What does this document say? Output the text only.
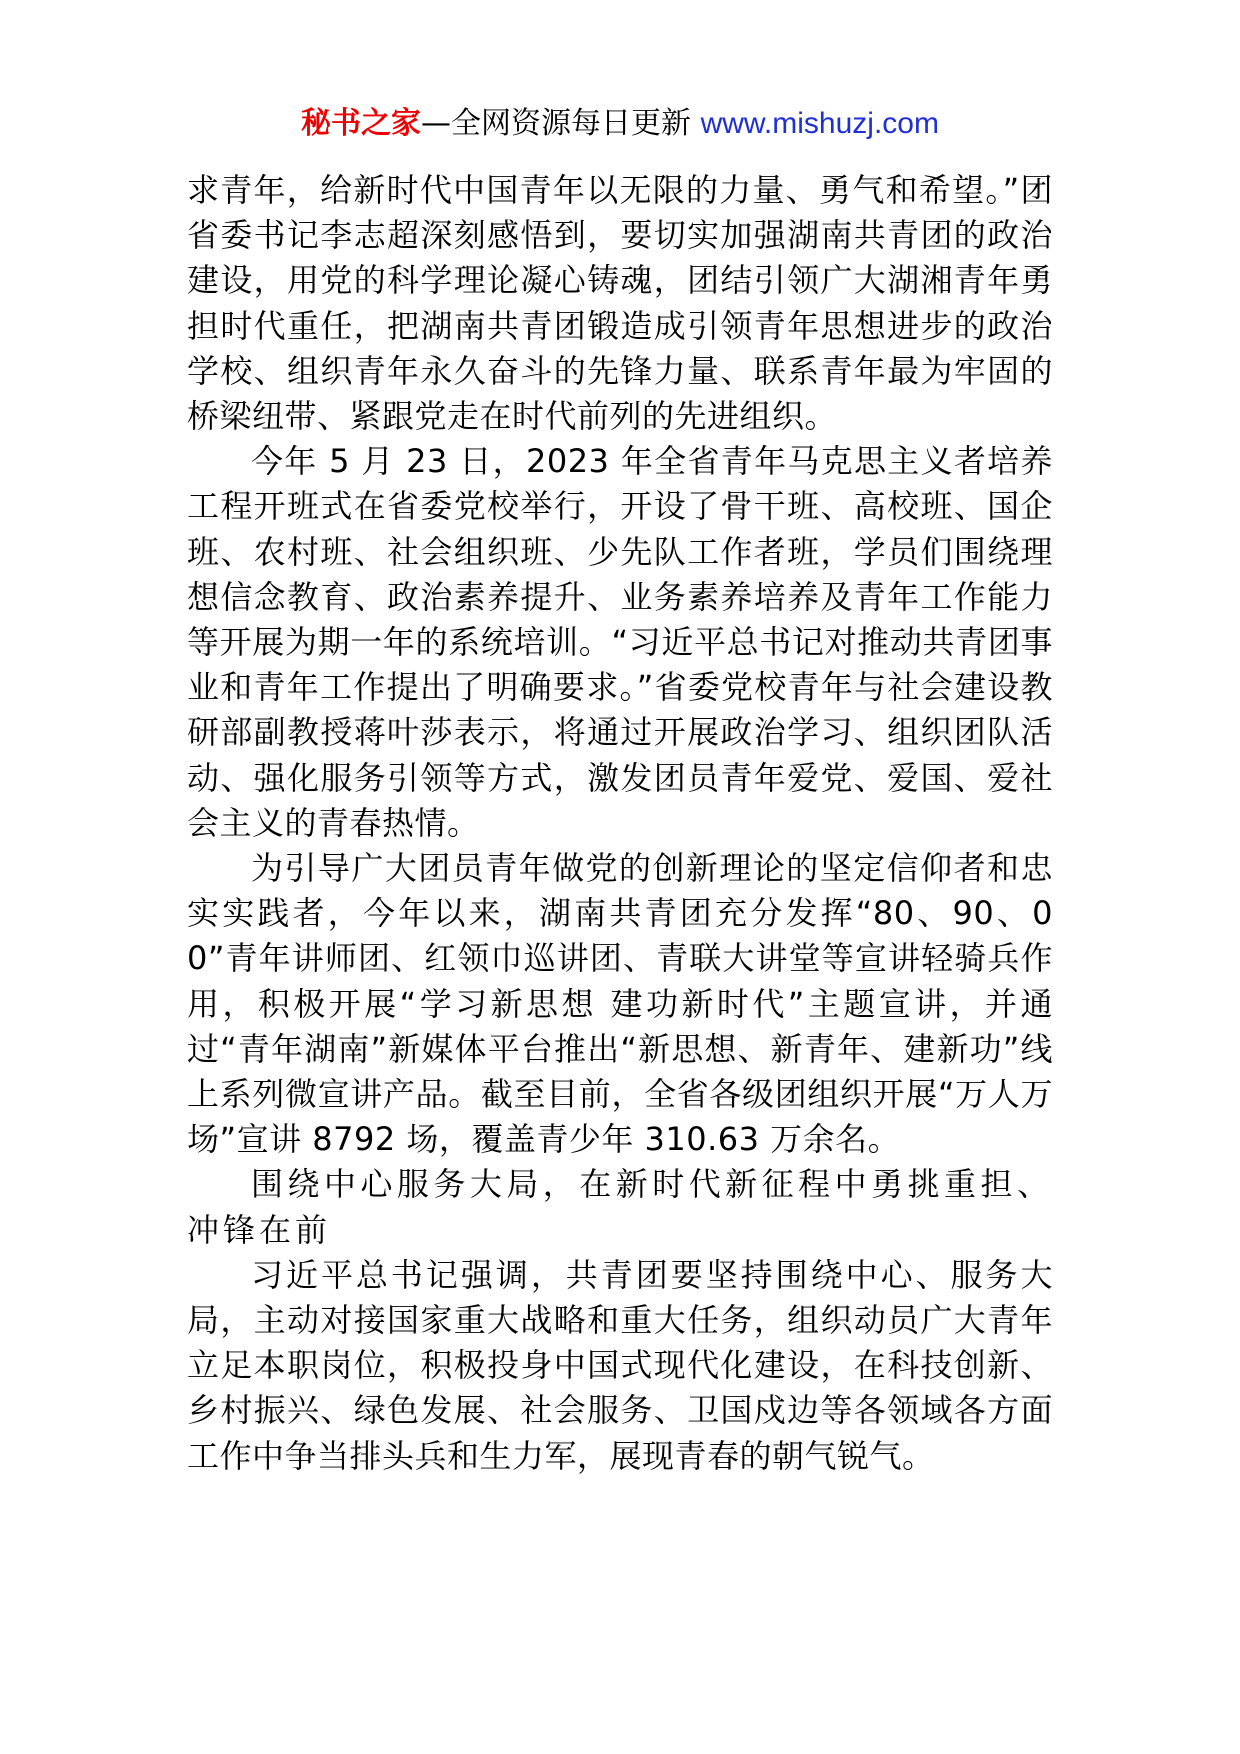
秘书之家—全网资源每日更新 www.mishuzj.com

求青年，给新时代中国青年以无限的力量、勇气和希望。”团省委书记李志超深刻感悟到，要切实加强湖南共青团的政治建设，用党的科学理论凝心铸魂，团结引领广大湖湘青年勇担时代重任，把湖南共青团锻造成引领青年思想进步的政治学校、组织青年永久奋斗的先锋力量、联系青年最为牢固的桥梁纽带、紧跟党走在时代前列的先进组织。

今年 5 月 23 日，2023 年全省青年马克思主义者培养工程开班式在省委党校举行，开设了骨干班、高校班、国企班、农村班、社会组织班、少先队工作者班，学员们围绕理想信念教育、政治素养提升、业务素养培养及青年工作能力等开展为期一年的系统培训。“习近平总书记对推动共青团事业和青年工作提出了明确要求。”省委党校青年与社会建设教研部副教授蒋叶莎表示，将通过开展政治学习、组织团队活动、强化服务引领等方式，激发团员青年爱党、爱国、爱社会主义的青春热情。

为引导广大团员青年做党的创新理论的坚定信仰者和忠实实践者，今年以来，湖南共青团充分发挥“80、90、00”青年讲师团、红领巾巡讲团、青联大讲堂等宣讲轻骑兵作用，积极开展“学习新思想 建功新时代”主题宣讲，并通过“青年湖南”新媒体平台推出“新思想、新青年、建新功”线上系列微宣讲产品。截至目前，全省各级团组织开展“万人万场”宣讲 8792 场，覆盖青少年 310.63 万余名。

围绕中心服务大局，在新时代新征程中勇挑重担、冲锋在前

习近平总书记强调，共青团要坚持围绕中心、服务大局，主动对接国家重大战略和重大任务，组织动员广大青年立足本职岗位，积极投身中国式现代化建设，在科技创新、乡村振兴、绿色发展、社会服务、卫国戍边等各领域各方面工作中争当排头兵和生力军，展现青春的朝气锐气。
